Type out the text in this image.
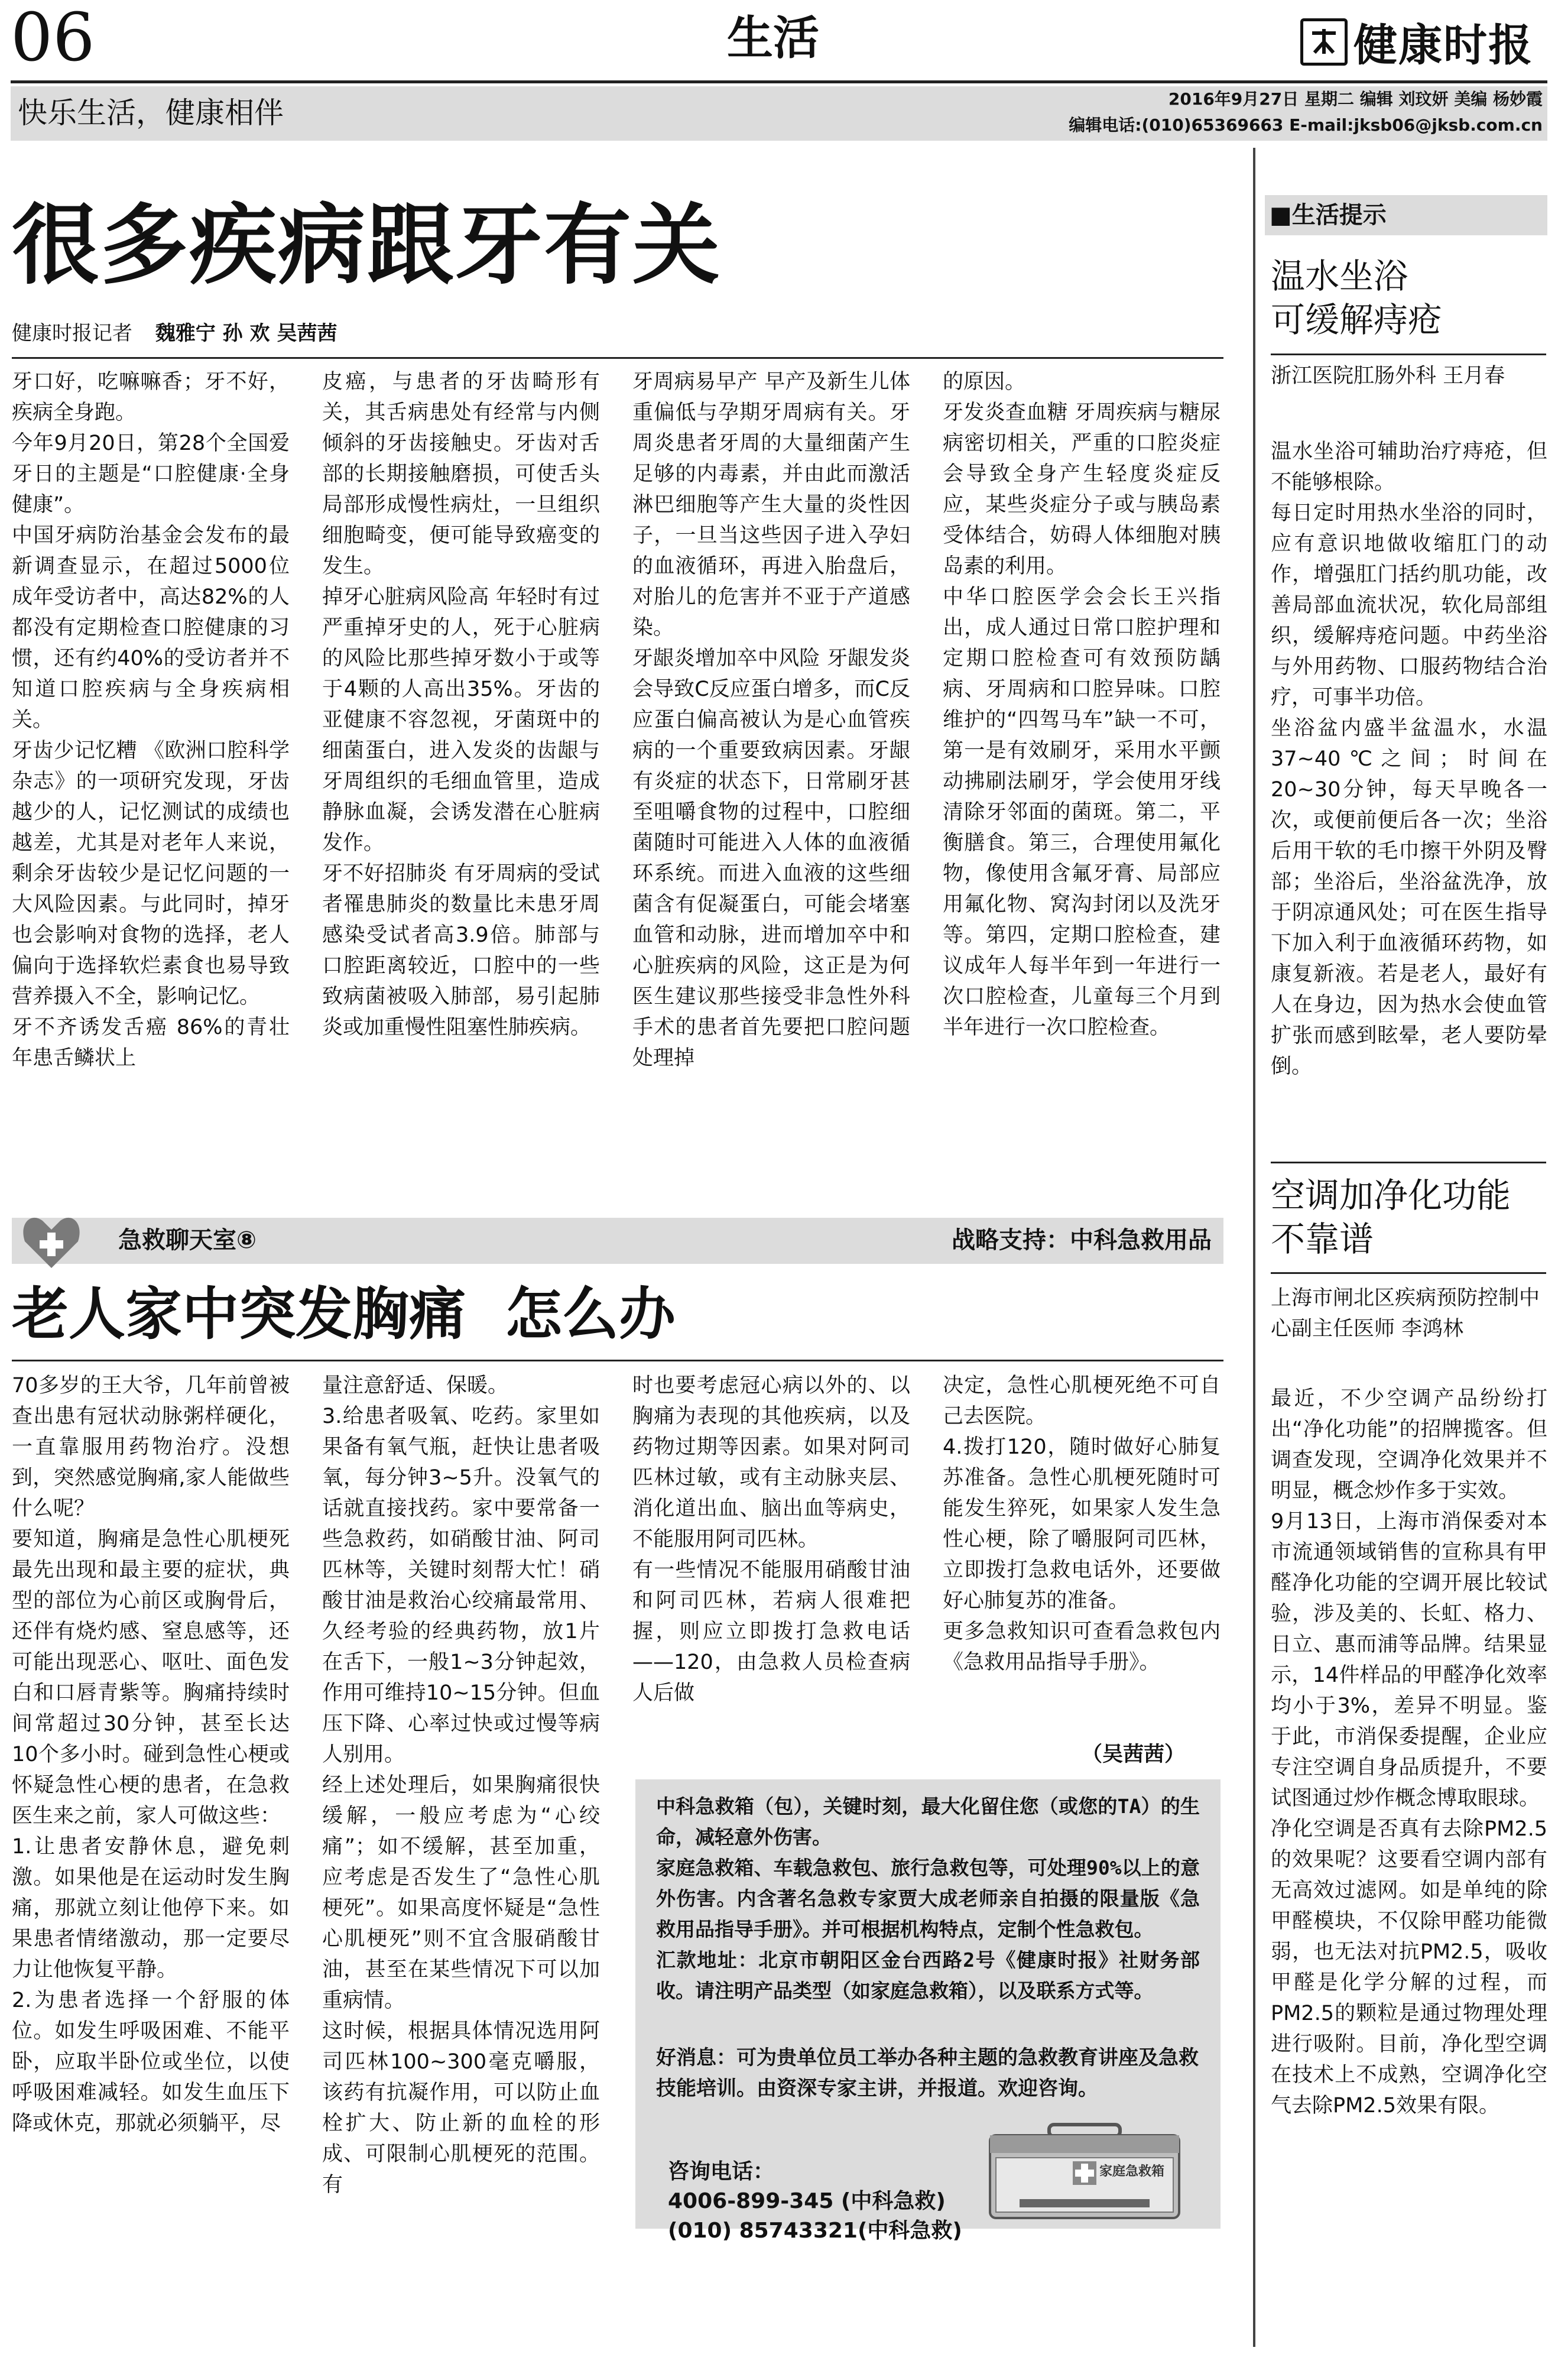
06	生活	健康时报
快乐生活，健康相伴	2016年9月27日 星期二 编辑 刘玟妍 美编 杨妙霞
编辑电话:(010)65369663 E-mail:jksb06@jksb.com.cn
很多疾病跟牙有关
健康时报记者 魏雅宁 孙 欢 吴茜茜
牙口好，吃嘛嘛香；牙不好，疾病全身跑。
今年9月20日，第28个全国爱牙日的主题是“口腔健康·全身健康”。
中国牙病防治基金会发布的最新调查显示，在超过5000位成年受访者中，高达82%的人都没有定期检查口腔健康的习惯，还有约40%的受访者并不知道口腔疾病与全身疾病相关。
牙齿少记忆糟 《欧洲口腔科学杂志》的一项研究发现，牙齿越少的人，记忆测试的成绩也越差，尤其是对老年人来说，剩余牙齿较少是记忆问题的一大风险因素。与此同时，掉牙也会影响对食物的选择，老人偏向于选择软烂素食也易导致营养摄入不全，影响记忆。
牙不齐诱发舌癌 86%的青壮年患舌鳞状上
皮癌，与患者的牙齿畸形有关，其舌病患处有经常与内侧倾斜的牙齿接触史。牙齿对舌部的长期接触磨损，可使舌头局部形成慢性病灶，一旦组织细胞畸变，便可能导致癌变的发生。
掉牙心脏病风险高 年轻时有过严重掉牙史的人，死于心脏病的风险比那些掉牙数小于或等于4颗的人高出35%。牙齿的亚健康不容忽视，牙菌斑中的细菌蛋白，进入发炎的齿龈与牙周组织的毛细血管里，造成静脉血凝，会诱发潜在心脏病发作。
牙不好招肺炎 有牙周病的受试者罹患肺炎的数量比未患牙周感染受试者高3.9倍。肺部与口腔距离较近，口腔中的一些致病菌被吸入肺部，易引起肺炎或加重慢性阻塞性肺疾病。
牙周病易早产 早产及新生儿体重偏低与孕期牙周病有关。牙周炎患者牙周的大量细菌产生足够的内毒素，并由此而激活淋巴细胞等产生大量的炎性因子，一旦当这些因子进入孕妇的血液循环，再进入胎盘后，对胎儿的危害并不亚于产道感染。
牙龈炎增加卒中风险 牙龈发炎会导致C反应蛋白增多，而C反应蛋白偏高被认为是心血管疾病的一个重要致病因素。牙龈有炎症的状态下，日常刷牙甚至咀嚼食物的过程中，口腔细菌随时可能进入人体的血液循环系统。而进入血液的这些细菌含有促凝蛋白，可能会堵塞血管和动脉，进而增加卒中和心脏疾病的风险，这正是为何医生建议那些接受非急性外科手术的患者首先要把口腔问题处理掉
的原因。
牙发炎查血糖 牙周疾病与糖尿病密切相关，严重的口腔炎症会导致全身产生轻度炎症反应，某些炎症分子或与胰岛素受体结合，妨碍人体细胞对胰岛素的利用。
中华口腔医学会会长王兴指出，成人通过日常口腔护理和定期口腔检查可有效预防龋病、牙周病和口腔异味。口腔维护的“四驾马车”缺一不可，第一是有效刷牙，采用水平颤动拂刷法刷牙，学会使用牙线清除牙邻面的菌斑。第二，平衡膳食。第三，合理使用氟化物，像使用含氟牙膏、局部应用氟化物、窝沟封闭以及洗牙等。第四，定期口腔检查，建议成年人每半年到一年进行一次口腔检查，儿童每三个月到半年进行一次口腔检查。
■生活提示
温水坐浴
可缓解痔疮
浙江医院肛肠外科 王月春
温水坐浴可辅助治疗痔疮，但不能够根除。
每日定时用热水坐浴的同时，应有意识地做收缩肛门的动作，增强肛门括约肌功能，改善局部血流状况，软化局部组织，缓解痔疮问题。中药坐浴与外用药物、口服药物结合治疗，可事半功倍。
坐浴盆内盛半盆温水，水温37~40℃之间；时间在20~30分钟，每天早晚各一次，或便前便后各一次；坐浴后用干软的毛巾擦干外阴及臀部；坐浴后，坐浴盆洗净，放于阴凉通风处；可在医生指导下加入利于血液循环药物，如康复新液。若是老人，最好有人在身边，因为热水会使血管扩张而感到眩晕，老人要防晕倒。
空调加净化功能
不靠谱
上海市闸北区疾病预防控制中心副主任医师 李鸿林
最近，不少空调产品纷纷打出“净化功能”的招牌揽客。但调查发现，空调净化效果并不明显，概念炒作多于实效。
9月13日，上海市消保委对本市流通领域销售的宣称具有甲醛净化功能的空调开展比较试验，涉及美的、长虹、格力、日立、惠而浦等品牌。结果显示，14件样品的甲醛净化效率均小于3%，差异不明显。鉴于此，市消保委提醒，企业应专注空调自身品质提升，不要试图通过炒作概念博取眼球。
净化空调是否真有去除PM2.5的效果呢？这要看空调内部有无高效过滤网。如是单纯的除甲醛模块，不仅除甲醛功能微弱，也无法对抗PM2.5，吸收甲醛是化学分解的过程，而PM2.5的颗粒是通过物理处理进行吸附。目前，净化型空调在技术上不成熟，空调净化空气去除PM2.5效果有限。
急救聊天室⑧	战略支持：中科急救用品
老人家中突发胸痛  怎么办
70多岁的王大爷，几年前曾被查出患有冠状动脉粥样硬化，一直靠服用药物治疗。没想到，突然感觉胸痛,家人能做些什么呢？
要知道，胸痛是急性心肌梗死最先出现和最主要的症状，典型的部位为心前区或胸骨后，还伴有烧灼感、窒息感等，还可能出现恶心、呕吐、面色发白和口唇青紫等。胸痛持续时间常超过30分钟，甚至长达10个多小时。碰到急性心梗或怀疑急性心梗的患者，在急救医生来之前，家人可做这些：
1.让患者安静休息，避免刺激。如果他是在运动时发生胸痛，那就立刻让他停下来。如果患者情绪激动，那一定要尽力让他恢复平静。
2.为患者选择一个舒服的体位。如发生呼吸困难、不能平卧，应取半卧位或坐位，以使呼吸困难减轻。如发生血压下降或休克，那就必须躺平，尽
量注意舒适、保暖。
3.给患者吸氧、吃药。家里如果备有氧气瓶，赶快让患者吸氧，每分钟3~5升。没氧气的话就直接找药。家中要常备一些急救药，如硝酸甘油、阿司匹林等，关键时刻帮大忙！硝酸甘油是救治心绞痛最常用、久经考验的经典药物，放1片在舌下，一般1~3分钟起效，作用可维持10~15分钟。但血压下降、心率过快或过慢等病人别用。
经上述处理后，如果胸痛很快缓解，一般应考虑为“心绞痛”；如不缓解，甚至加重，应考虑是否发生了“急性心肌梗死”。如果高度怀疑是“急性心肌梗死”则不宜含服硝酸甘油，甚至在某些情况下可以加重病情。
这时候，根据具体情况选用阿司匹林100~300毫克嚼服，该药有抗凝作用，可以防止血栓扩大、防止新的血栓的形成、可限制心肌梗死的范围。有
时也要考虑冠心病以外的、以胸痛为表现的其他疾病，以及药物过期等因素。如果对阿司匹林过敏，或有主动脉夹层、消化道出血、脑出血等病史，不能服用阿司匹林。
有一些情况不能服用硝酸甘油和阿司匹林，若病人很难把握，则应立即拨打急救电话——120，由急救人员检查病人后做
决定，急性心肌梗死绝不可自己去医院。
4.拨打120，随时做好心肺复苏准备。急性心肌梗死随时可能发生猝死，如果家人发生急性心梗，除了嚼服阿司匹林，立即拨打急救电话外，还要做好心肺复苏的准备。
更多急救知识可查看急救包内《急救用品指导手册》。
（吴茜茜）
中科急救箱（包），关键时刻，最大化留住您（或您的TA）的生命，减轻意外伤害。
家庭急救箱、车载急救包、旅行急救包等，可处理90%以上的意外伤害。内含著名急救专家贾大成老师亲自拍摄的限量版《急救用品指导手册》。并可根据机构特点，定制个性急救包。
汇款地址：北京市朝阳区金台西路2号《健康时报》社财务部收。请注明产品类型（如家庭急救箱），以及联系方式等。
好消息：可为贵单位员工举办各种主题的急救教育讲座及急救技能培训。由资深专家主讲，并报道。欢迎咨询。
咨询电话：
4006-899-345 (中科急救)
(010) 85743321(中科急救)
家庭急救箱
